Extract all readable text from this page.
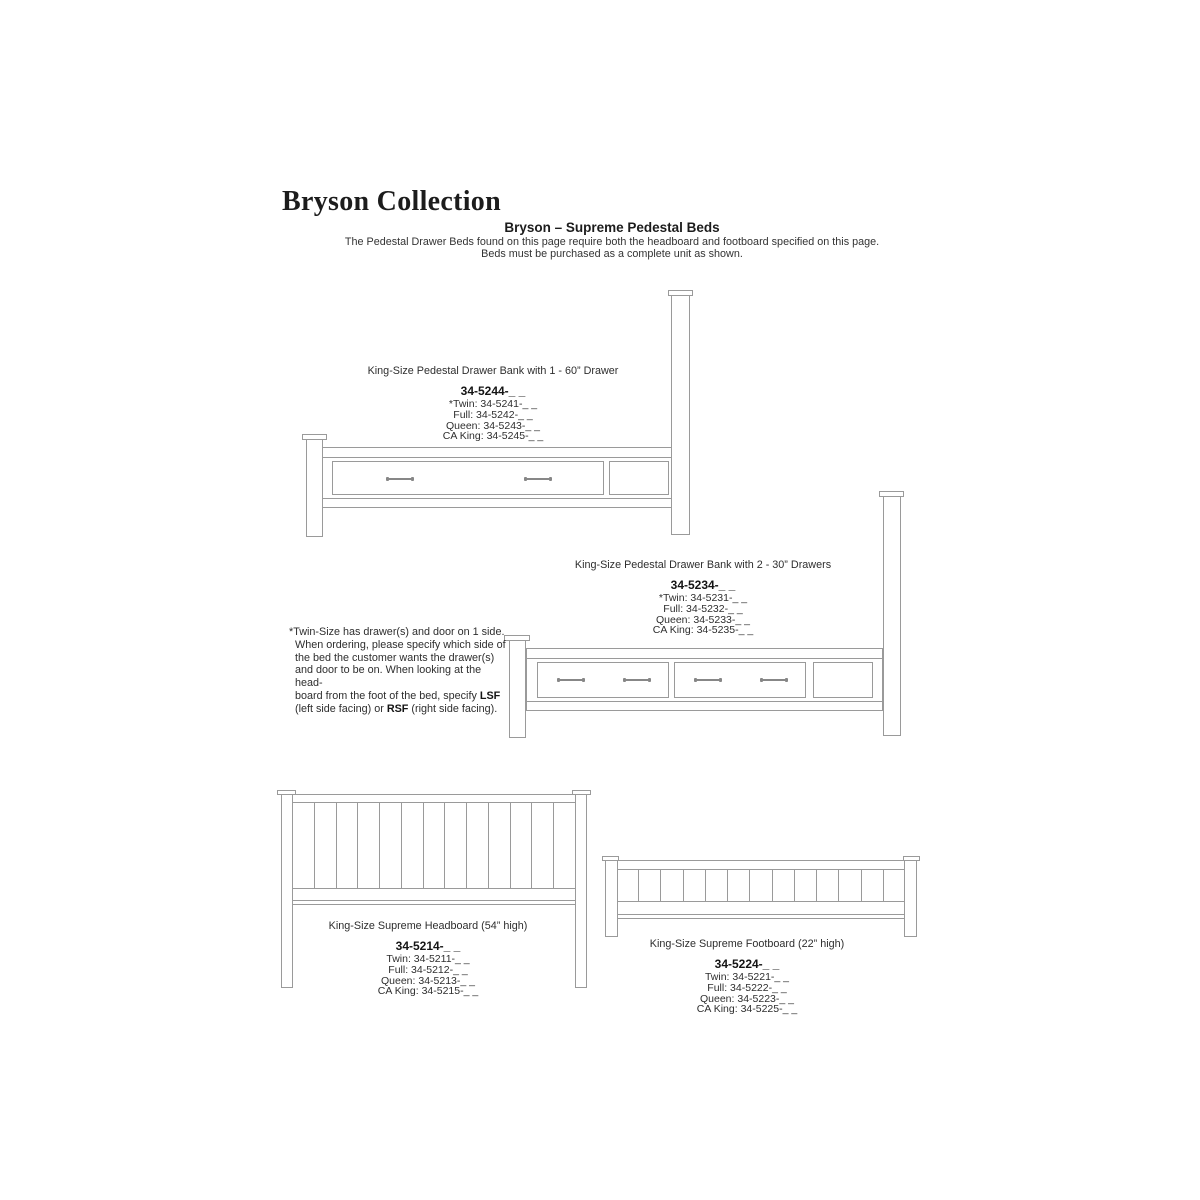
Bryson Collection
Bryson – Supreme Pedestal Beds
The Pedestal Drawer Beds found on this page require both the headboard and footboard specified on this page.
Beds must be purchased as a complete unit as shown.
King-Size Pedestal Drawer Bank with 1 - 60” Drawer
34-5244-_ _
*Twin: 34-5241-_ _
Full: 34-5242-_ _
Queen: 34-5243-_ _
CA King: 34-5245-_ _
King-Size Pedestal Drawer Bank with 2 - 30” Drawers
34-5234-_ _
*Twin: 34-5231-_ _
Full: 34-5232-_ _
Queen: 34-5233-_ _
CA King: 34-5235-_ _
*Twin-Size has drawer(s) and door on 1 side.
When ordering, please specify which side of
the bed the customer wants the drawer(s)
and door to be on. When looking at the head-
board from the foot of the bed, specify LSF
(left side facing) or RSF (right side facing).
King-Size Supreme Headboard (54” high)
34-5214-_ _
Twin: 34-5211-_ _
Full: 34-5212-_ _
Queen: 34-5213-_ _
CA King: 34-5215-_ _
King-Size Supreme Footboard (22” high)
34-5224-_ _
Twin: 34-5221-_ _
Full: 34-5222-_ _
Queen: 34-5223-_ _
CA King: 34-5225-_ _
